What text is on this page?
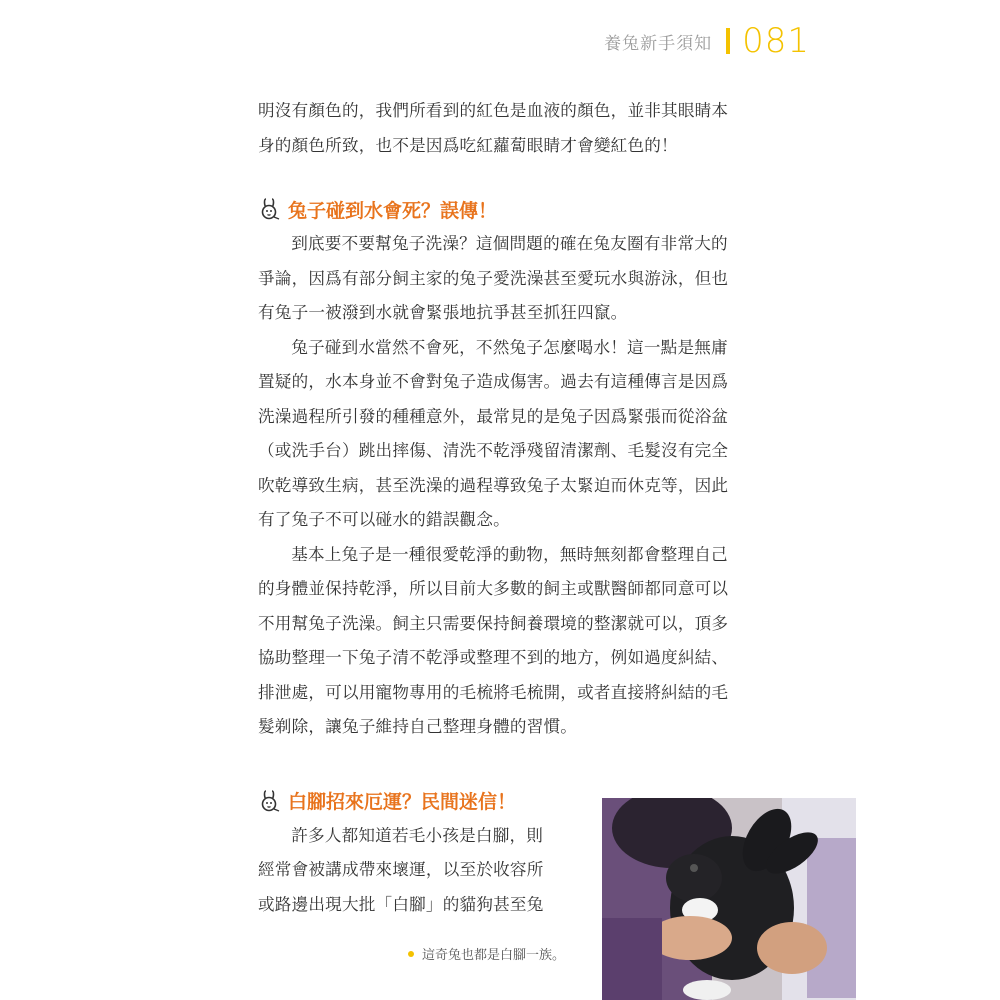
養兔新手須知 081

明沒有顏色的，我們所看到的紅色是血液的顏色，並非其眼睛本
身的顏色所致，也不是因爲吃紅蘿蔔眼睛才會變紅色的！

兔子碰到水會死？誤傳！

到底要不要幫兔子洗澡？這個問題的確在兔友圈有非常大的
爭論，因爲有部分飼主家的兔子愛洗澡甚至愛玩水與游泳，但也
有兔子一被潑到水就會緊張地抗爭甚至抓狂四竄。

兔子碰到水當然不會死，不然兔子怎麼喝水！這一點是無庸
置疑的，水本身並不會對兔子造成傷害。過去有這種傳言是因爲
洗澡過程所引發的種種意外，最常見的是兔子因爲緊張而從浴盆
（或洗手台）跳出摔傷、清洗不乾淨殘留清潔劑、毛髮沒有完全
吹乾導致生病，甚至洗澡的過程導致兔子太緊迫而休克等，因此
有了兔子不可以碰水的錯誤觀念。

基本上兔子是一種很愛乾淨的動物，無時無刻都會整理自己
的身體並保持乾淨，所以目前大多數的飼主或獸醫師都同意可以
不用幫兔子洗澡。飼主只需要保持飼養環境的整潔就可以，頂多
協助整理一下兔子清不乾淨或整理不到的地方，例如過度糾結、
排泄處，可以用寵物專用的毛梳將毛梳開，或者直接將糾結的毛
髮剃除，讓兔子維持自己整理身體的習慣。

白腳招來厄運？民間迷信！

許多人都知道若毛小孩是白腳，則
經常會被講成帶來壞運，以至於收容所
或路邊出現大批「白腳」的貓狗甚至兔

這奇兔也都是白腳一族。
